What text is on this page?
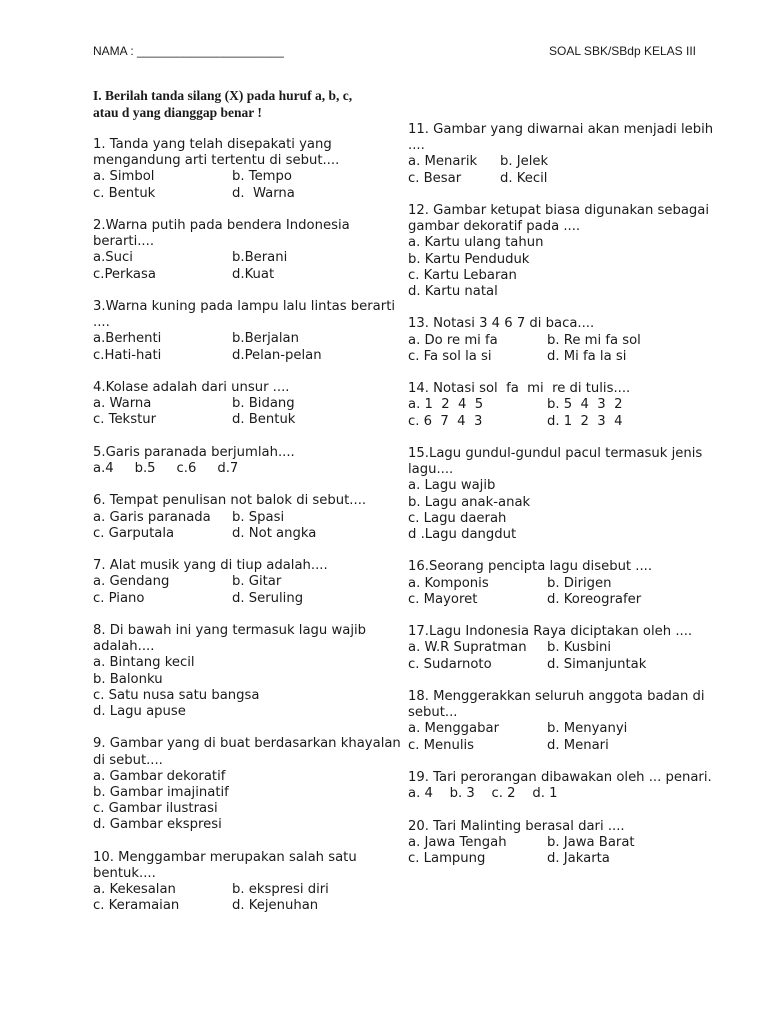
NAMA : ______________________	SOAL SBK/SBdp KELAS III
I. Berilah tanda silang (X) pada huruf a, b, c, atau d yang dianggap benar !
1. Tanda yang telah disepakati yang mengandung arti tertentu di sebut....
a. Simbol	b. Tempo
c. Bentuk	d.  Warna
2.Warna putih pada bendera Indonesia berarti....
a.Suci	b.Berani
c.Perkasa	d.Kuat
3.Warna kuning pada lampu lalu lintas berarti ....
a.Berhenti	b.Berjalan
c.Hati-hati	d.Pelan-pelan
4.Kolase adalah dari unsur ....
a. Warna	b. Bidang
c. Tekstur	d. Bentuk
5.Garis paranada berjumlah....
a.4     b.5     c.6     d.7
6. Tempat penulisan not balok di sebut....
a. Garis paranada	b. Spasi
c. Garputala	d. Not angka
7. Alat musik yang di tiup adalah....
a. Gendang	b. Gitar
c. Piano	d. Seruling
8. Di bawah ini yang termasuk lagu wajib adalah....
a. Bintang kecil
b. Balonku
c. Satu nusa satu bangsa
d. Lagu apuse
9. Gambar yang di buat berdasarkan khayalan di sebut....
a. Gambar dekoratif
b. Gambar imajinatif
c. Gambar ilustrasi
d. Gambar ekspresi
10. Menggambar merupakan salah satu bentuk....
a. Kekesalan	b. ekspresi diri
c. Keramaian	d. Kejenuhan
11. Gambar yang diwarnai akan menjadi lebih ....
a. Menarik	b. Jelek
c. Besar	d. Kecil
12. Gambar ketupat biasa digunakan sebagai gambar dekoratif pada ....
a. Kartu ulang tahun
b. Kartu Penduduk
c. Kartu Lebaran
d. Kartu natal
13. Notasi 3 4 6 7 di baca....
a. Do re mi fa	b. Re mi fa sol
c. Fa sol la si	d. Mi fa la si
14. Notasi sol  fa  mi  re di tulis....
a. 1  2  4  5	b. 5  4  3  2
c. 6  7  4  3	d. 1  2  3  4
15.Lagu gundul-gundul pacul termasuk jenis lagu....
a. Lagu wajib
b. Lagu anak-anak
c. Lagu daerah
d .Lagu dangdut
16.Seorang pencipta lagu disebut ....
a. Komponis	b. Dirigen
c. Mayoret	d. Koreografer
17.Lagu Indonesia Raya diciptakan oleh ....
a. W.R Supratman	b. Kusbini
c. Sudarnoto	d. Simanjuntak
18. Menggerakkan seluruh anggota badan di sebut...
a. Menggabar	b. Menyanyi
c. Menulis	d. Menari
19. Tari perorangan dibawakan oleh ... penari.
a. 4    b. 3    c. 2    d. 1
20. Tari Malinting berasal dari ....
a. Jawa Tengah	b. Jawa Barat
c. Lampung	d. Jakarta
